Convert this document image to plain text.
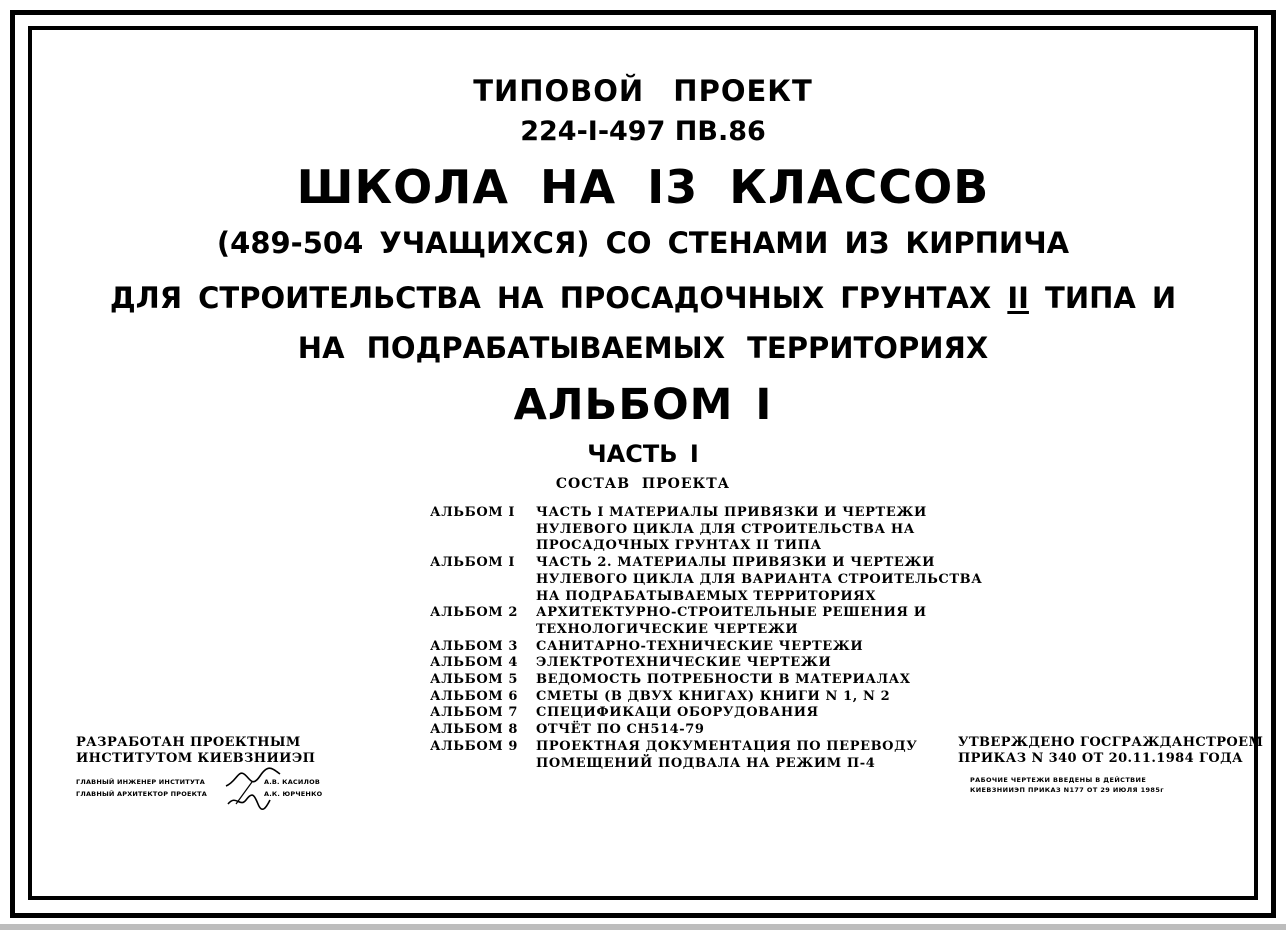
ТИПОВОЙ ПРОЕКТ
224-I-497 ПВ.86
ШКОЛА НА I3 КЛАССОВ
(489-504 УЧАЩИХСЯ) СО СТЕНАМИ ИЗ КИРПИЧА
ДЛЯ СТРОИТЕЛЬСТВА НА ПРОСАДОЧНЫХ ГРУНТАХ II ТИПА И
НА ПОДРАБАТЫВАЕМЫХ ТЕРРИТОРИЯХ
АЛЬБОМ I
ЧАСТЬ I
СОСТАВ ПРОЕКТА
АЛЬБОМ I ЧАСТЬ I МАТЕРИАЛЫ ПРИВЯЗКИ И ЧЕРТЕЖИ
НУЛЕВОГО ЦИКЛА ДЛЯ СТРОИТЕЛЬСТВА НА
ПРОСАДОЧНЫХ ГРУНТАХ II ТИПА
АЛЬБОМ I ЧАСТЬ 2. МАТЕРИАЛЫ ПРИВЯЗКИ И ЧЕРТЕЖИ
НУЛЕВОГО ЦИКЛА ДЛЯ ВАРИАНТА СТРОИТЕЛЬСТВА
НА ПОДРАБАТЫВАЕМЫХ ТЕРРИТОРИЯХ
АЛЬБОМ 2 АРХИТЕКТУРНО-СТРОИТЕЛЬНЫЕ РЕШЕНИЯ И
ТЕХНОЛОГИЧЕСКИЕ ЧЕРТЕЖИ
АЛЬБОМ 3 САНИТАРНО-ТЕХНИЧЕСКИЕ ЧЕРТЕЖИ
АЛЬБОМ 4 ЭЛЕКТРОТЕХНИЧЕСКИЕ ЧЕРТЕЖИ
АЛЬБОМ 5 ВЕДОМОСТЬ ПОТРЕБНОСТИ В МАТЕРИАЛАХ
АЛЬБОМ 6 СМЕТЫ (В ДВУХ КНИГАХ) КНИГИ N 1, N 2
АЛЬБОМ 7 СПЕЦИФИКАЦИ ОБОРУДОВАНИЯ
АЛЬБОМ 8 ОТЧЁТ ПО СН514-79
АЛЬБОМ 9 ПРОЕКТНАЯ ДОКУМЕНТАЦИЯ ПО ПЕРЕВОДУ
ПОМЕЩЕНИЙ ПОДВАЛА НА РЕЖИМ П-4
РАЗРАБОТАН ПРОЕКТНЫМ
ИНСТИТУТОМ КИЕВЗНИИЭП
ГЛАВНЫЙ ИНЖЕНЕР ИНСТИТУТА	А.В. КАСИЛОВ
ГЛАВНЫЙ АРХИТЕКТОР ПРОЕКТА	А.К. ЮРЧЕНКО
УТВЕРЖДЕНО ГОСГРАЖДАНСТРОЕМ
ПРИКАЗ N 340 ОТ 20.11.1984 ГОДА
РАБОЧИЕ ЧЕРТЕЖИ ВВЕДЕНЫ В ДЕЙСТВИЕ
КИЕВЗНИИЭП ПРИКАЗ N177 ОТ 29 ИЮЛЯ 1985г
